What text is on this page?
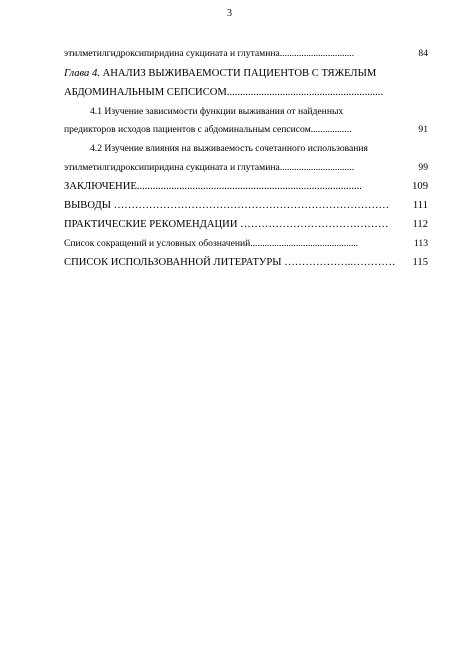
3
этилметилгидроксипиридина сукцината и глутамина...............................	84
Глава 4. АНАЛИЗ ВЫЖИВАЕМОСТИ ПАЦИЕНТОВ С ТЯЖЕЛЫМ
АБДОМИНАЛЬНЫМ СЕПСИСОМ...........................................................
4.1 Изучение зависимости функции выживания от найденных
предикторов исходов пациентов с абдоминальным сепсисом.................	91
4.2 Изучение влияния на выживаемость сочетанного использования
этилметилгидроксипиридина сукцината и глутамина...............................	99
ЗАКЛЮЧЕНИЕ.....................................................................................	109
ВЫВОДЫ ……………………………………………………………………	111
ПРАКТИЧЕСКИЕ РЕКОМЕНДАЦИИ ……………………………………	112
Список сокращений и условных обозначений.............................................	113
СПИСОК ИСПОЛЬЗОВАННОЙ ЛИТЕРАТУРЫ ………………..…………	115
